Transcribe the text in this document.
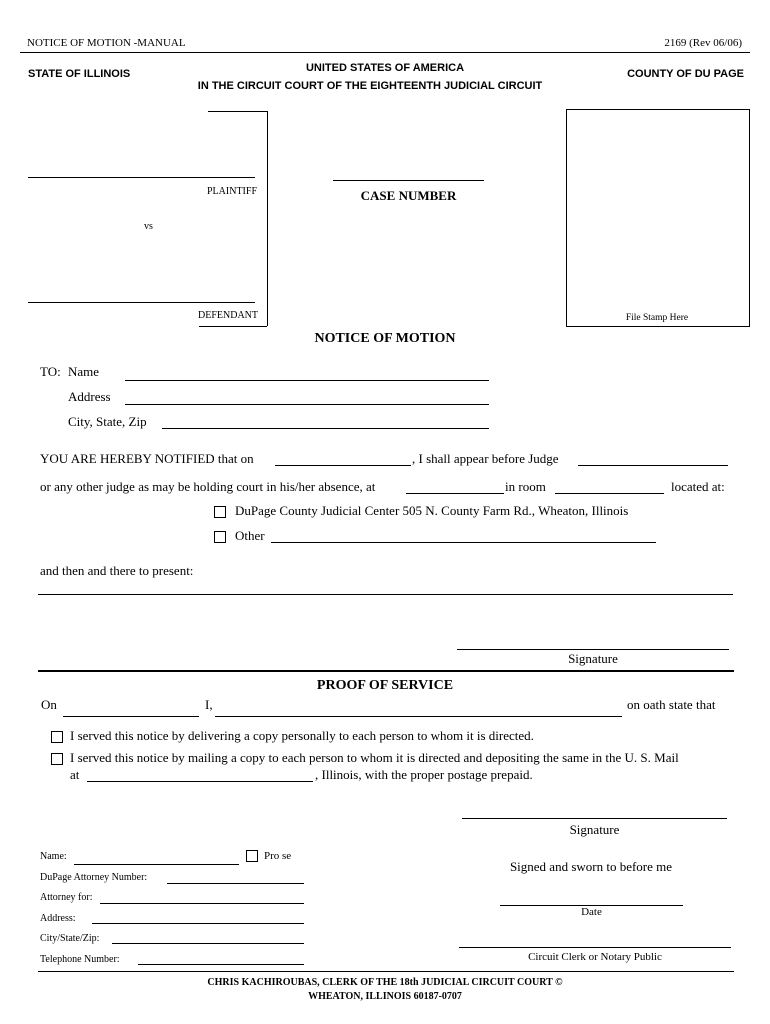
NOTICE OF MOTION -MANUAL	2169 (Rev 06/06)
STATE OF ILLINOIS	UNITED STATES OF AMERICA
IN THE CIRCUIT COURT OF THE EIGHTEENTH JUDICIAL CIRCUIT
COUNTY OF DU PAGE
PLAINTIFF
vs
DEFENDANT
CASE NUMBER
File Stamp Here
NOTICE OF MOTION
TO: Name
Address
City, State, Zip
YOU ARE HEREBY NOTIFIED that on	, I shall appear before Judge
or any other judge as may be holding court in his/her absence, at	in room	located at:
DuPage County Judicial Center 505 N. County Farm Rd., Wheaton, Illinois
Other
and then and there to present:
Signature
PROOF OF SERVICE
On	I,	on oath state that
I served this notice by delivering a copy personally to each person to whom it is directed.
I served this notice by mailing a copy to each person to whom it is directed and depositing the same in the U. S. Mail
at	, Illinois, with the proper postage prepaid.
Signature
Name:	Pro se
DuPage Attorney Number:
Attorney for:
Address:
City/State/Zip:
Telephone Number:
Signed and sworn to before me
Date
Circuit Clerk or Notary Public
CHRIS KACHIROUBAS, CLERK OF THE 18th JUDICIAL CIRCUIT COURT ©
WHEATON, ILLINOIS 60187-0707
